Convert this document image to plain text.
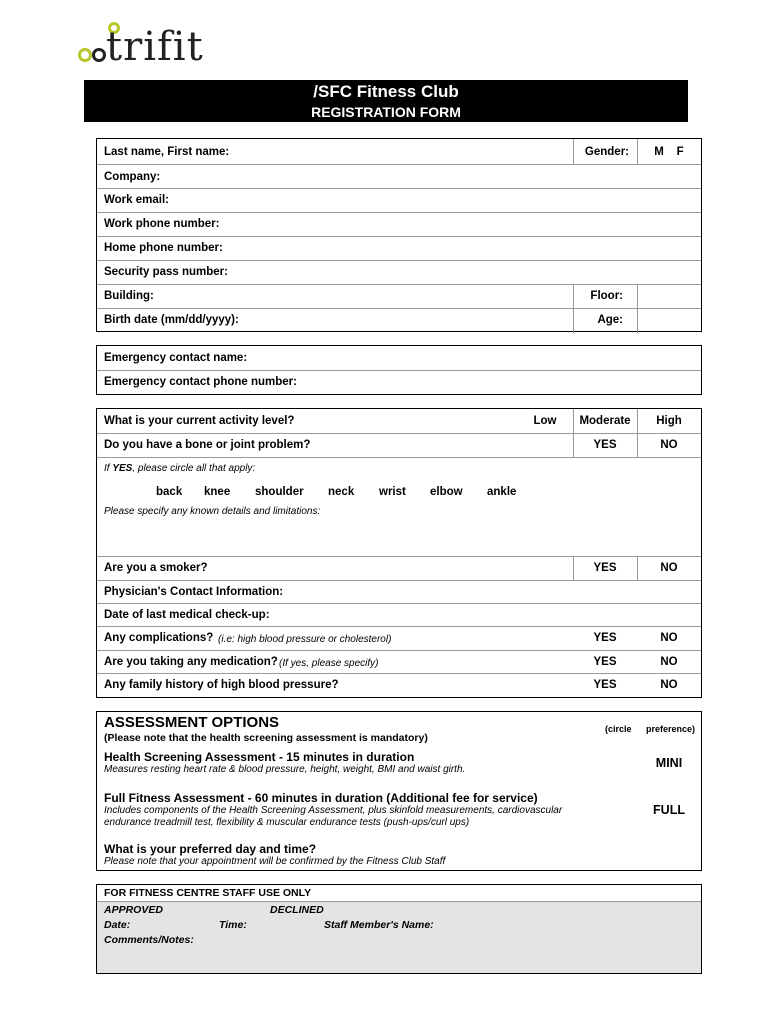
trifit
/SFC Fitness Club
REGISTRATION FORM
Last name, First name:	Gender:	M    F
Company:
Work email:
Work phone number:
Home phone number:
Security pass number:
Building:	Floor:
Birth date (mm/dd/yyyy):	Age:
Emergency contact name:
Emergency contact phone number:
What is your current activity level?	Low	Moderate	High
Do you have a bone or joint problem?	YES	NO
If YES, please circle all that apply:
back knee shoulder neck wrist elbow ankle
Please specify any known details and limitations:
Are you a smoker?	YES	NO
Physician's Contact Information:
Date of last medical check-up:
Any complications? (i.e: high blood pressure or cholesterol)	YES	NO
Are you taking any medication? (If yes, please specify)	YES	NO
Any family history of high blood pressure?	YES	NO
ASSESSMENT OPTIONS
(Please note that the health screening assessment is mandatory)
(circle preference)
Health Screening Assessment - 15 minutes in duration
Measures resting heart rate & blood pressure, height, weight, BMI and waist girth.	MINI
Full Fitness Assessment - 60 minutes in duration (Additional fee for service)
Includes components of the Health Screening Assessment, plus skinfold measurements, cardiovascular
endurance treadmill test, flexibility & muscular endurance tests (push-ups/curl ups)
FULL
What is your preferred day and time?
Please note that your appointment will be confirmed by the Fitness Club Staff
FOR FITNESS CENTRE STAFF USE ONLY
APPROVED	DECLINED
Date:	Time:	Staff Member's Name:
Comments/Notes:
